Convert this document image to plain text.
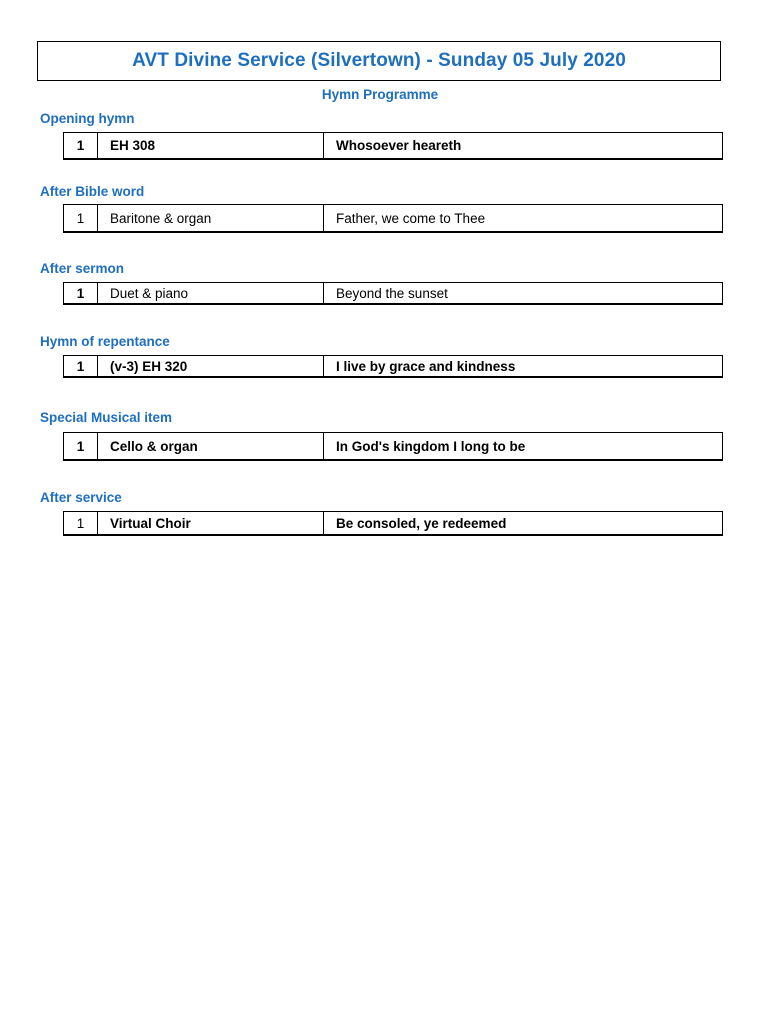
AVT Divine Service (Silvertown) - Sunday 05 July 2020
Hymn Programme
Opening hymn
1	EH 308	Whosoever heareth
After Bible word
1	Baritone & organ	Father, we come to Thee
After sermon
1	Duet & piano	Beyond the sunset
Hymn of repentance
1	(v-3) EH 320	I live by grace and kindness
Special Musical item
1	Cello & organ	In God's kingdom I long to be
After service
1	Virtual Choir	Be consoled, ye redeemed
